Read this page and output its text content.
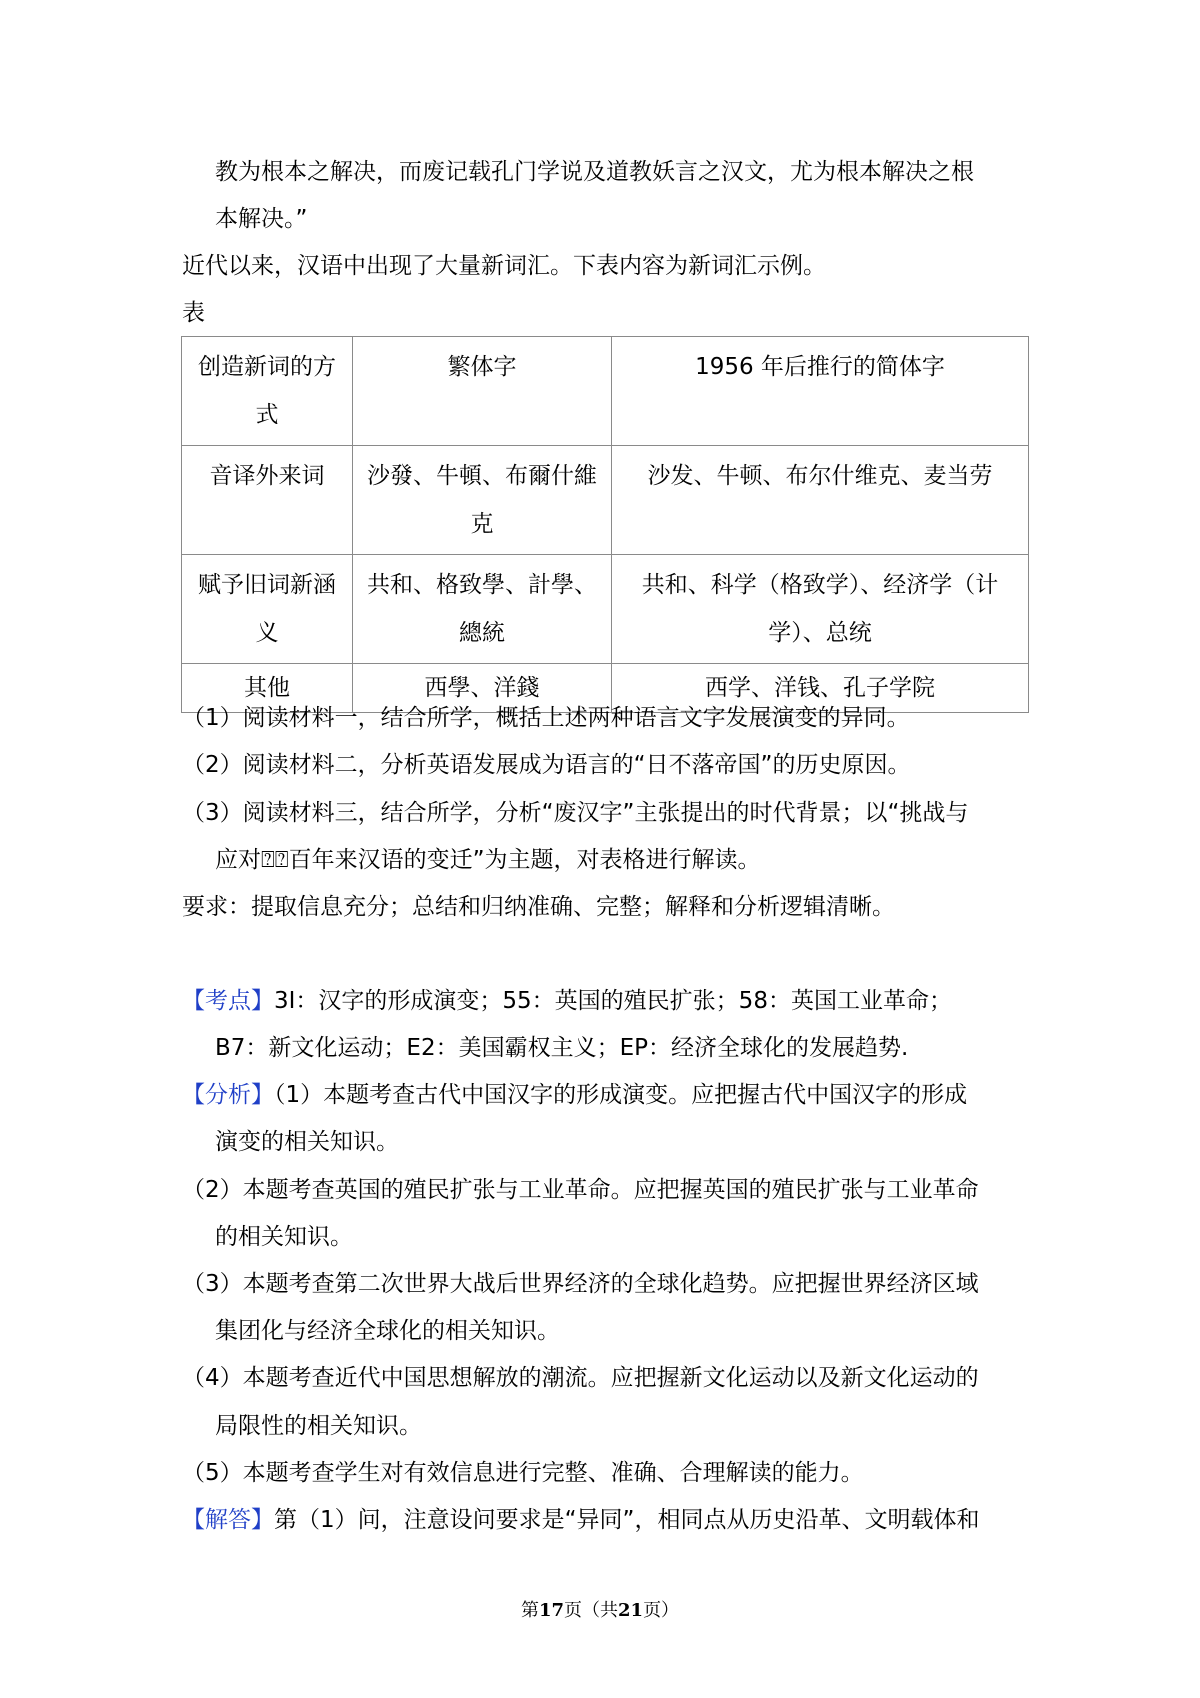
教为根本之解决，而废记载孔门学说及道教妖言之汉文，尤为根本解决之根
本解决。”
近代以来，汉语中出现了大量新词汇。下表内容为新词汇示例。
表
创造新词的方式	繁体字	1956 年后推行的简体字
音译外来词	沙發、牛頓、布爾什維克	沙发、牛顿、布尔什维克、麦当劳
赋予旧词新涵义	共和、格致學、計學、總統	共和、科学（格致学）、经济学（计学）、总统
其他	西學、洋錢	西学、洋钱、孔子学院
（1）阅读材料一，结合所学，概括上述两种语言文字发展演变的异同。
（2）阅读材料二，分析英语发展成为语言的“日不落帝国”的历史原因。
（3）阅读材料三，结合所学，分析“废汉字”主张提出的时代背景；以“挑战与
应对⍰⍰百年来汉语的变迁”为主题，对表格进行解读。
要求：提取信息充分；总结和归纳准确、完整；解释和分析逻辑清晰。
【考点】3I：汉字的形成演变；55：英国的殖民扩张；58：英国工业革命；
B7：新文化运动；E2：美国霸权主义；EP：经济全球化的发展趋势.
【分析】（1）本题考查古代中国汉字的形成演变。应把握古代中国汉字的形成
演变的相关知识。
（2）本题考查英国的殖民扩张与工业革命。应把握英国的殖民扩张与工业革命
的相关知识。
（3）本题考查第二次世界大战后世界经济的全球化趋势。应把握世界经济区域
集团化与经济全球化的相关知识。
（4）本题考查近代中国思想解放的潮流。应把握新文化运动以及新文化运动的
局限性的相关知识。
（5）本题考查学生对有效信息进行完整、准确、合理解读的能力。
【解答】第（1）问，注意设问要求是“异同”，相同点从历史沿革、文明载体和
第17页（共21页）
